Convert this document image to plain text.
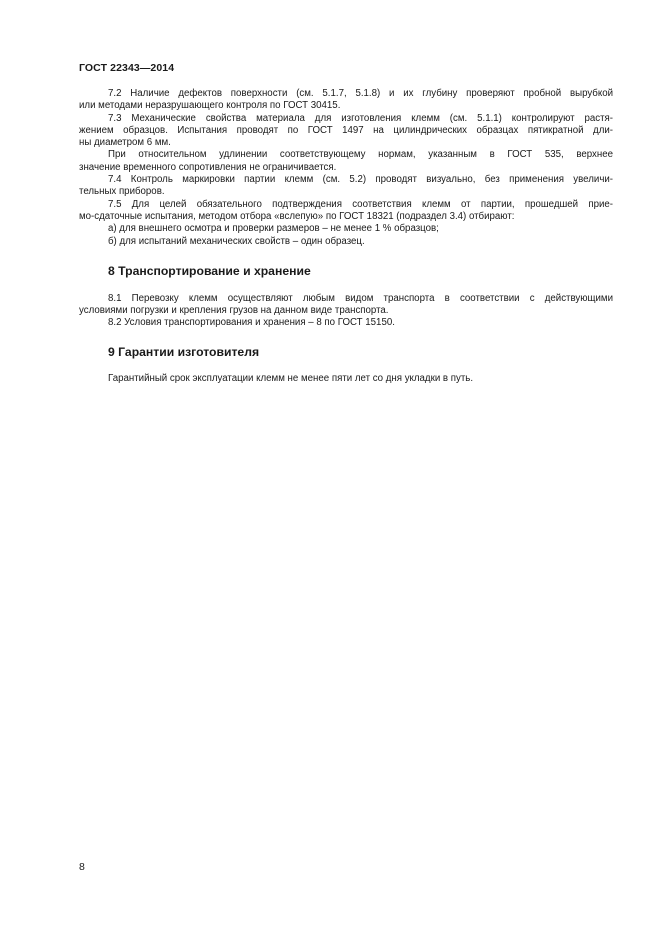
ГОСТ 22343—2014

7.2 Наличие дефектов поверхности (см. 5.1.7, 5.1.8) и их глубину проверяют пробной вырубкой
или методами неразрушающего контроля по ГОСТ 30415.

7.3 Механические свойства материала для изготовления клемм (см. 5.1.1) контролируют растя-
жением образцов. Испытания проводят по ГОСТ 1497 на цилиндрических образцах пятикратной дли-
ны диаметром 6 мм.

При относительном удлинении соответствующему нормам, указанным в ГОСТ 535, верхнее
значение временного сопротивления не ограничивается.

7.4 Контроль маркировки партии клемм (см. 5.2) проводят визуально, без применения увеличи-
тельных приборов.

7.5 Для целей обязательного подтверждения соответствия клемм от партии, прошедшей прие-
мо-сдаточные испытания, методом отбора «вслепую» по ГОСТ 18321 (подраздел 3.4) отбирают:

а) для внешнего осмотра и проверки размеров – не менее 1 % образцов;

б) для испытаний механических свойств – один образец.

8 Транспортирование и хранение

8.1 Перевозку клемм осуществляют любым видом транспорта в соответствии с действующими
условиями погрузки и крепления грузов на данном виде транспорта.

8.2 Условия транспортирования и хранения – 8 по ГОСТ 15150.

9 Гарантии изготовителя

Гарантийный срок эксплуатации клемм не менее пяти лет со дня укладки в путь.

8
